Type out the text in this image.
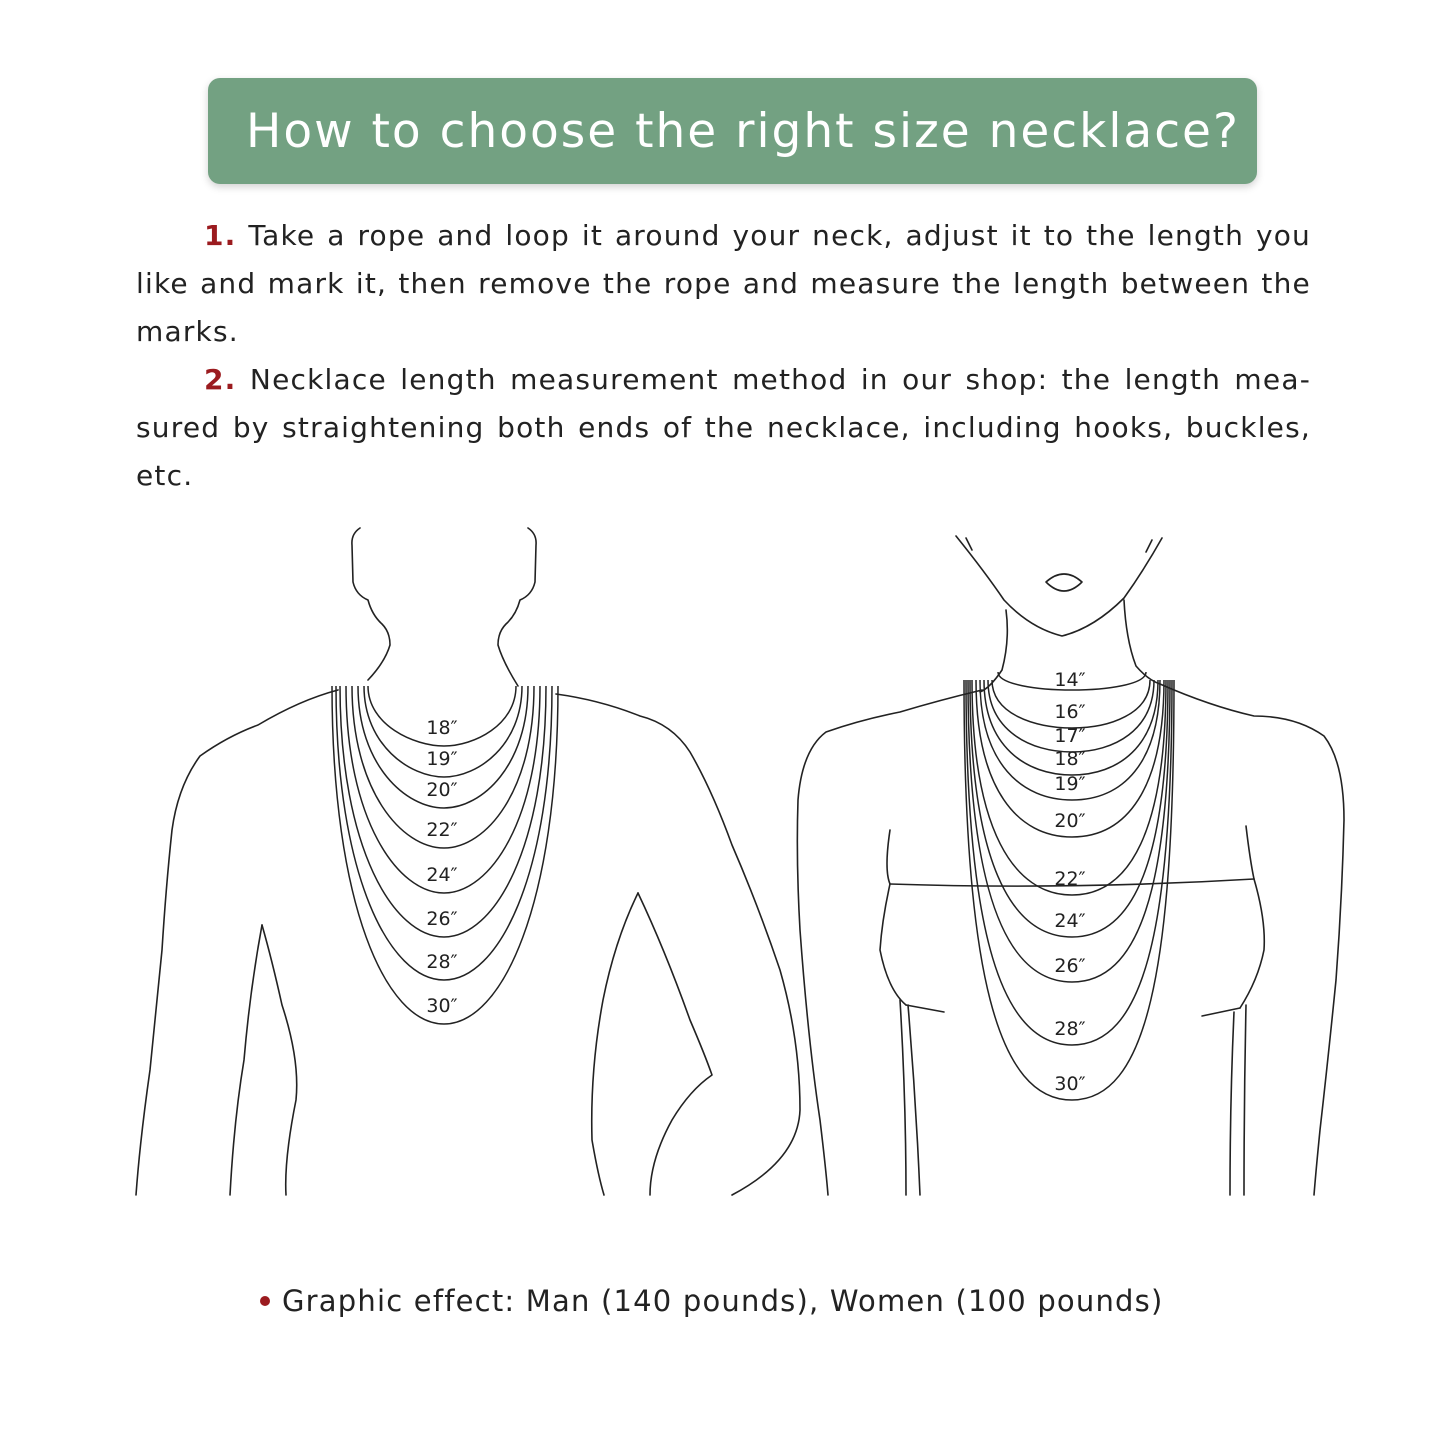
How to choose the right size necklace?

1. Take a rope and loop it around your neck, adjust it to the length you like and mark it, then remove the rope and measure the length between the marks.

2. Necklace length measurement method in our shop: the length mea-sured by straightening both ends of the necklace, including hooks, buckles, etc.

18″
19″
20″
22″
24″
26″
28″
30″
14″
16″
17″
18″
19″
20″
22″
24″
26″
28″
30″
Graphic effect: Man (140 pounds), Women (100 pounds)
